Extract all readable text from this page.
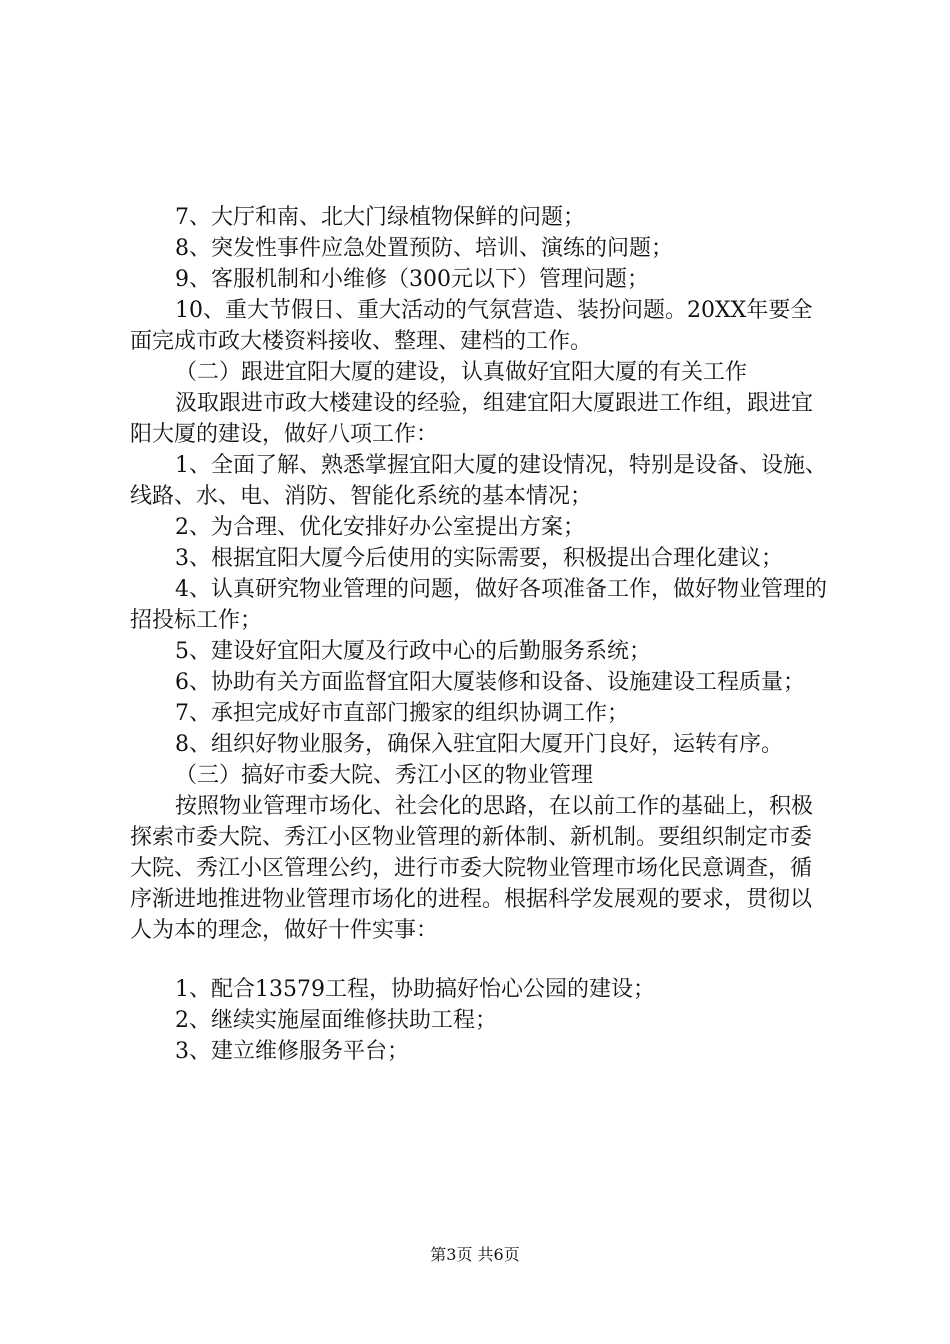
7、大厅和南、北大门绿植物保鲜的问题；

8、突发性事件应急处置预防、培训、演练的问题；

9、客服机制和小维修（300元以下）管理问题；

10、重大节假日、重大活动的气氛营造、装扮问题。20XX年要全面完成市政大楼资料接收、整理、建档的工作。

（二）跟进宜阳大厦的建设，认真做好宜阳大厦的有关工作

汲取跟进市政大楼建设的经验，组建宜阳大厦跟进工作组，跟进宜阳大厦的建设，做好八项工作：

1、全面了解、熟悉掌握宜阳大厦的建设情况，特别是设备、设施、线路、水、电、消防、智能化系统的基本情况；

2、为合理、优化安排好办公室提出方案；

3、根据宜阳大厦今后使用的实际需要，积极提出合理化建议；

4、认真研究物业管理的问题，做好各项准备工作，做好物业管理的招投标工作；

5、建设好宜阳大厦及行政中心的后勤服务系统；

6、协助有关方面监督宜阳大厦装修和设备、设施建设工程质量；

7、承担完成好市直部门搬家的组织协调工作；

8、组织好物业服务，确保入驻宜阳大厦开门良好，运转有序。

（三）搞好市委大院、秀江小区的物业管理

按照物业管理市场化、社会化的思路，在以前工作的基础上，积极探索市委大院、秀江小区物业管理的新体制、新机制。要组织制定市委大院、秀江小区管理公约，进行市委大院物业管理市场化民意调查，循序渐进地推进物业管理市场化的进程。根据科学发展观的要求，贯彻以人为本的理念，做好十件实事：

1、配合13579工程，协助搞好怡心公园的建设；

2、继续实施屋面维修扶助工程；

3、建立维修服务平台；

第3页 共6页
